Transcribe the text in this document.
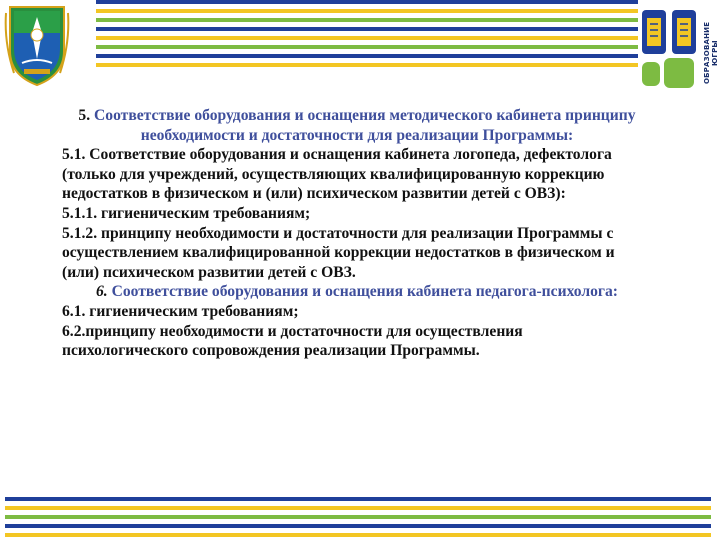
ОБРАЗОВАНИЕ ЮГРЫ

5. Соответствие оборудования и оснащения методического кабинета принципу необходимости и достаточности для реализации Программы:

5.1. Соответствие оборудования и оснащения кабинета логопеда, дефектолога (только для учреждений, осуществляющих квалифицированную коррекцию недостатков в физическом и (или) психическом развитии детей с ОВЗ):

5.1.1. гигиеническим требованиям;

5.1.2. принципу необходимости и достаточности для реализации Программы с осуществлением квалифицированной коррекции недостатков в физическом и (или) психическом развитии детей с ОВЗ.

6. Соответствие оборудования и оснащения кабинета педагога-психолога:

6.1. гигиеническим требованиям;

6.2.принципу необходимости и достаточности для осуществления психологического сопровождения реализации Программы.
